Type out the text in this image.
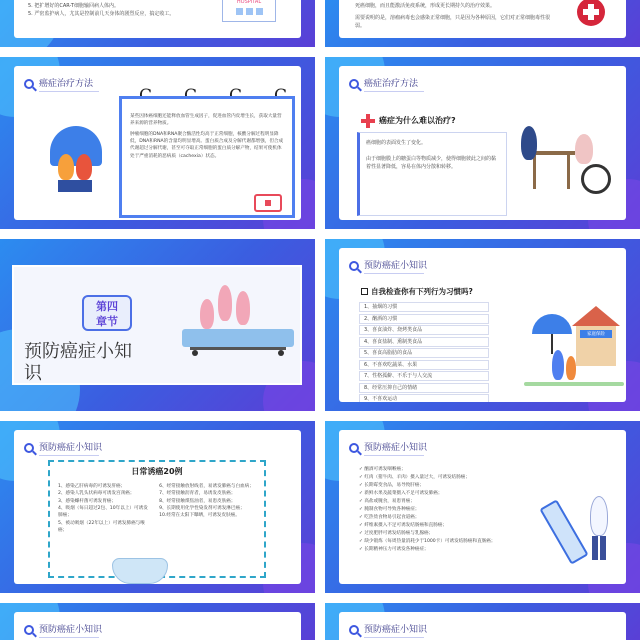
5. 把扩增好的CAR-T细胞输回病人体内。
5. 严密监护病人，尤其是控制前几天身体的剧烈反应，搞定收工。
HOSPITAL
死癌细胞，而且能激活免疫系统，形成更长期持久的治疗效果。
需要说明的是，溶瘤病毒也会感染正常细胞，只是因为各种原因，它们对正常细胞毒性很弱。
癌症治疗方法
某些因体癌细胞还能释放血管生成因子，促进血管内皮增生长，获取大量营养来源的营养物质。
肿瘤细胞的DNA和RNA聚合酶活性均高于正常细胞，核酸分解过程明显降低，DNA和RNA的含量均明显增高。蛋白质合成及分解代谢都增强，但合成代谢超过分解代谢，甚至可夺取正常细胞的蛋白质分解产物，结果可使机体处于严重消耗的恶病质（cachexia）状态。
癌症治疗方法
癌症为什么难以治疗?
癌细胞的表面发生了变化。
由于细胞膜上的糖蛋白等物质减少，使得细胞彼此之间的黏着性显著降低，容易在体内分散和转移。
第四章节
预防癌症小知识
预防癌症小知识
自我检查你有下列行为习惯吗?
1、抽烟的习惯
2、酗酒的习惯
3、喜食油炸、烧烤类食品
4、喜食盐制、熏制类食品
5、喜食高脂肪的食品
6、不喜欢吃蔬菜、水果
7、性格孤僻、不乐于与人交流
8、经常压抑自己的情绪
9、不喜欢运动
家庭保险
预防癌症小知识
日常诱癌20例
1、感染乙肝病毒的可诱发肝癌；
2、感染人乳头状病毒可诱发宫颈癌；
3、感染螺杆菌可诱发胃癌；
4、吸烟（每日超过2包、10年以上）可诱发肺癌；
5、被动吸烟（22年以上）可诱发肺癌与喉癌；
6、经常接触放射线者，易诱发肺癌与白血病；
7、经常接触沥青者，易诱发皮肤癌；
8、经常接触煤焦油者，易患皮肤癌；
9、长期使用化学性染发剂可诱发淋巴癌；
10.经常在太阳下曝晒，可诱发皮肤癌。
预防癌症小知识
✓ 酗酒可诱发咽喉癌；
✓ 红肉（猪牛肉、羊肉）摄入量过大，可诱发结肠癌；
✓ 长期霉变食品，易导致肝癌；
✓ 新鲜水果及蔬菜摄入不足可诱发肺癌；
✓ 高盐或腌食，易患胃癌；
✓ 腌制食物可导致各种癌症；
✓ 吃热烫食物易引起食道癌；
✓ 纤维素摄入不足可诱发结肠癌和直肠癌；
✓ 过度肥胖可诱发结肠癌与乳腺癌；
✓ 缺少锻炼（每周热量消耗少于1000卡）可诱发结肠癌和直肠癌；
✓ 长期精神压力可诱发各种癌症；
预防癌症小知识	预防癌症小知识
